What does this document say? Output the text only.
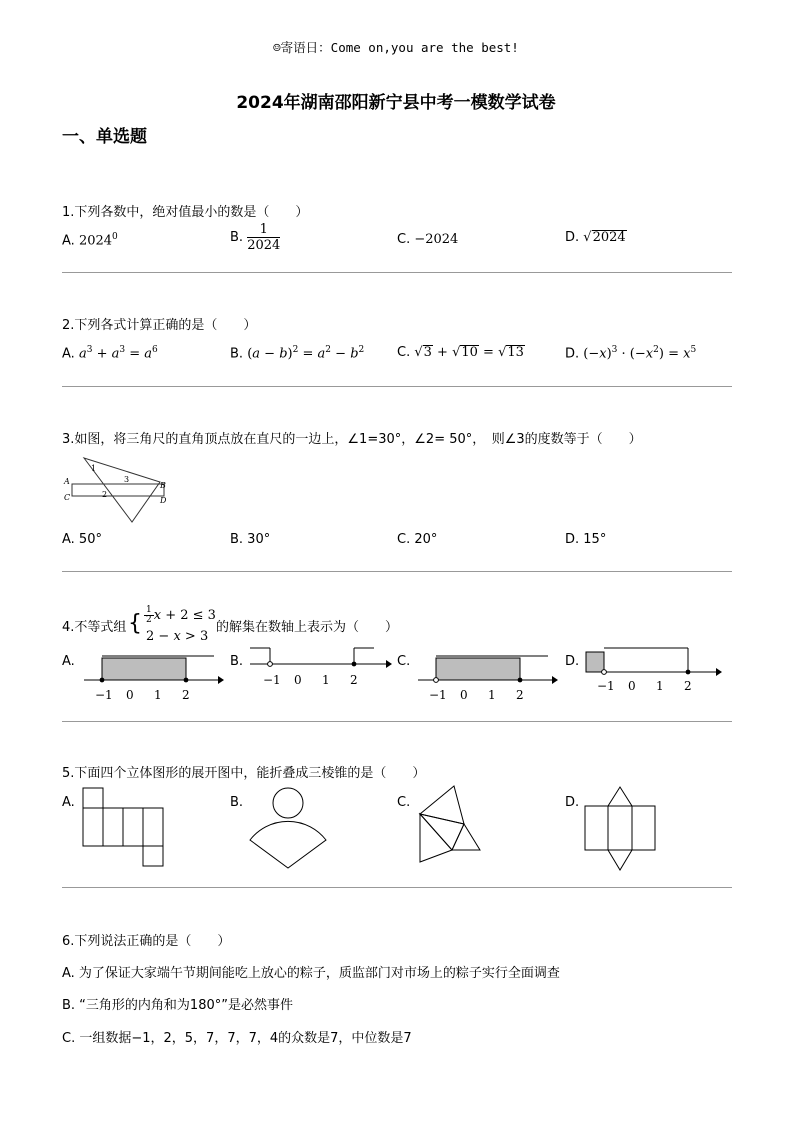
☺寄语日：Come on,you are the best!
2024年湖南邵阳新宁县中考一模数学试卷
一、单选题
1.下列各数中，绝对值最小的数是（　　）
A. 2024$^0$	B. $\frac{1}{2024}$	C. −2024	D. √2024
2.下列各式计算正确的是（　　）
A. $a^3 + a^3 = a^6$	B. $(a - b)^2 = a^2 - b^2$	C. √3 + √10 = √13	D. $(-x)^3 \cdot (-x^2) = x^5$
3.如图，将三角尺的直角顶点放在直尺的一边上，∠1=30°，∠2= 50°，　则∠3的度数等于（　　）
A
C
B
D
1
2
3
A. 50°	B. 30°	C. 20°	D. 15°
4.不等式组 { $\frac{1}{2}$ x + 2 ≤ 3
2 − x > 3
的解集在数轴上表示为（　　）
A.
−1 0 1 2
B.
−1 0 1 2
C.
−1 0 1 2
D.
−1 0 1 2
5.下面四个立体图形的展开图中，能折叠成三棱锥的是（　　）
A.	B.	C.	D.
6.下列说法正确的是（　　）
A. 为了保证大家端午节期间能吃上放心的粽子，质监部门对市场上的粽子实行全面调查
B. “三角形的内角和为180°”是必然事件
C. 一组数据−1，2，5，7，7，7，4的众数是7，中位数是7
